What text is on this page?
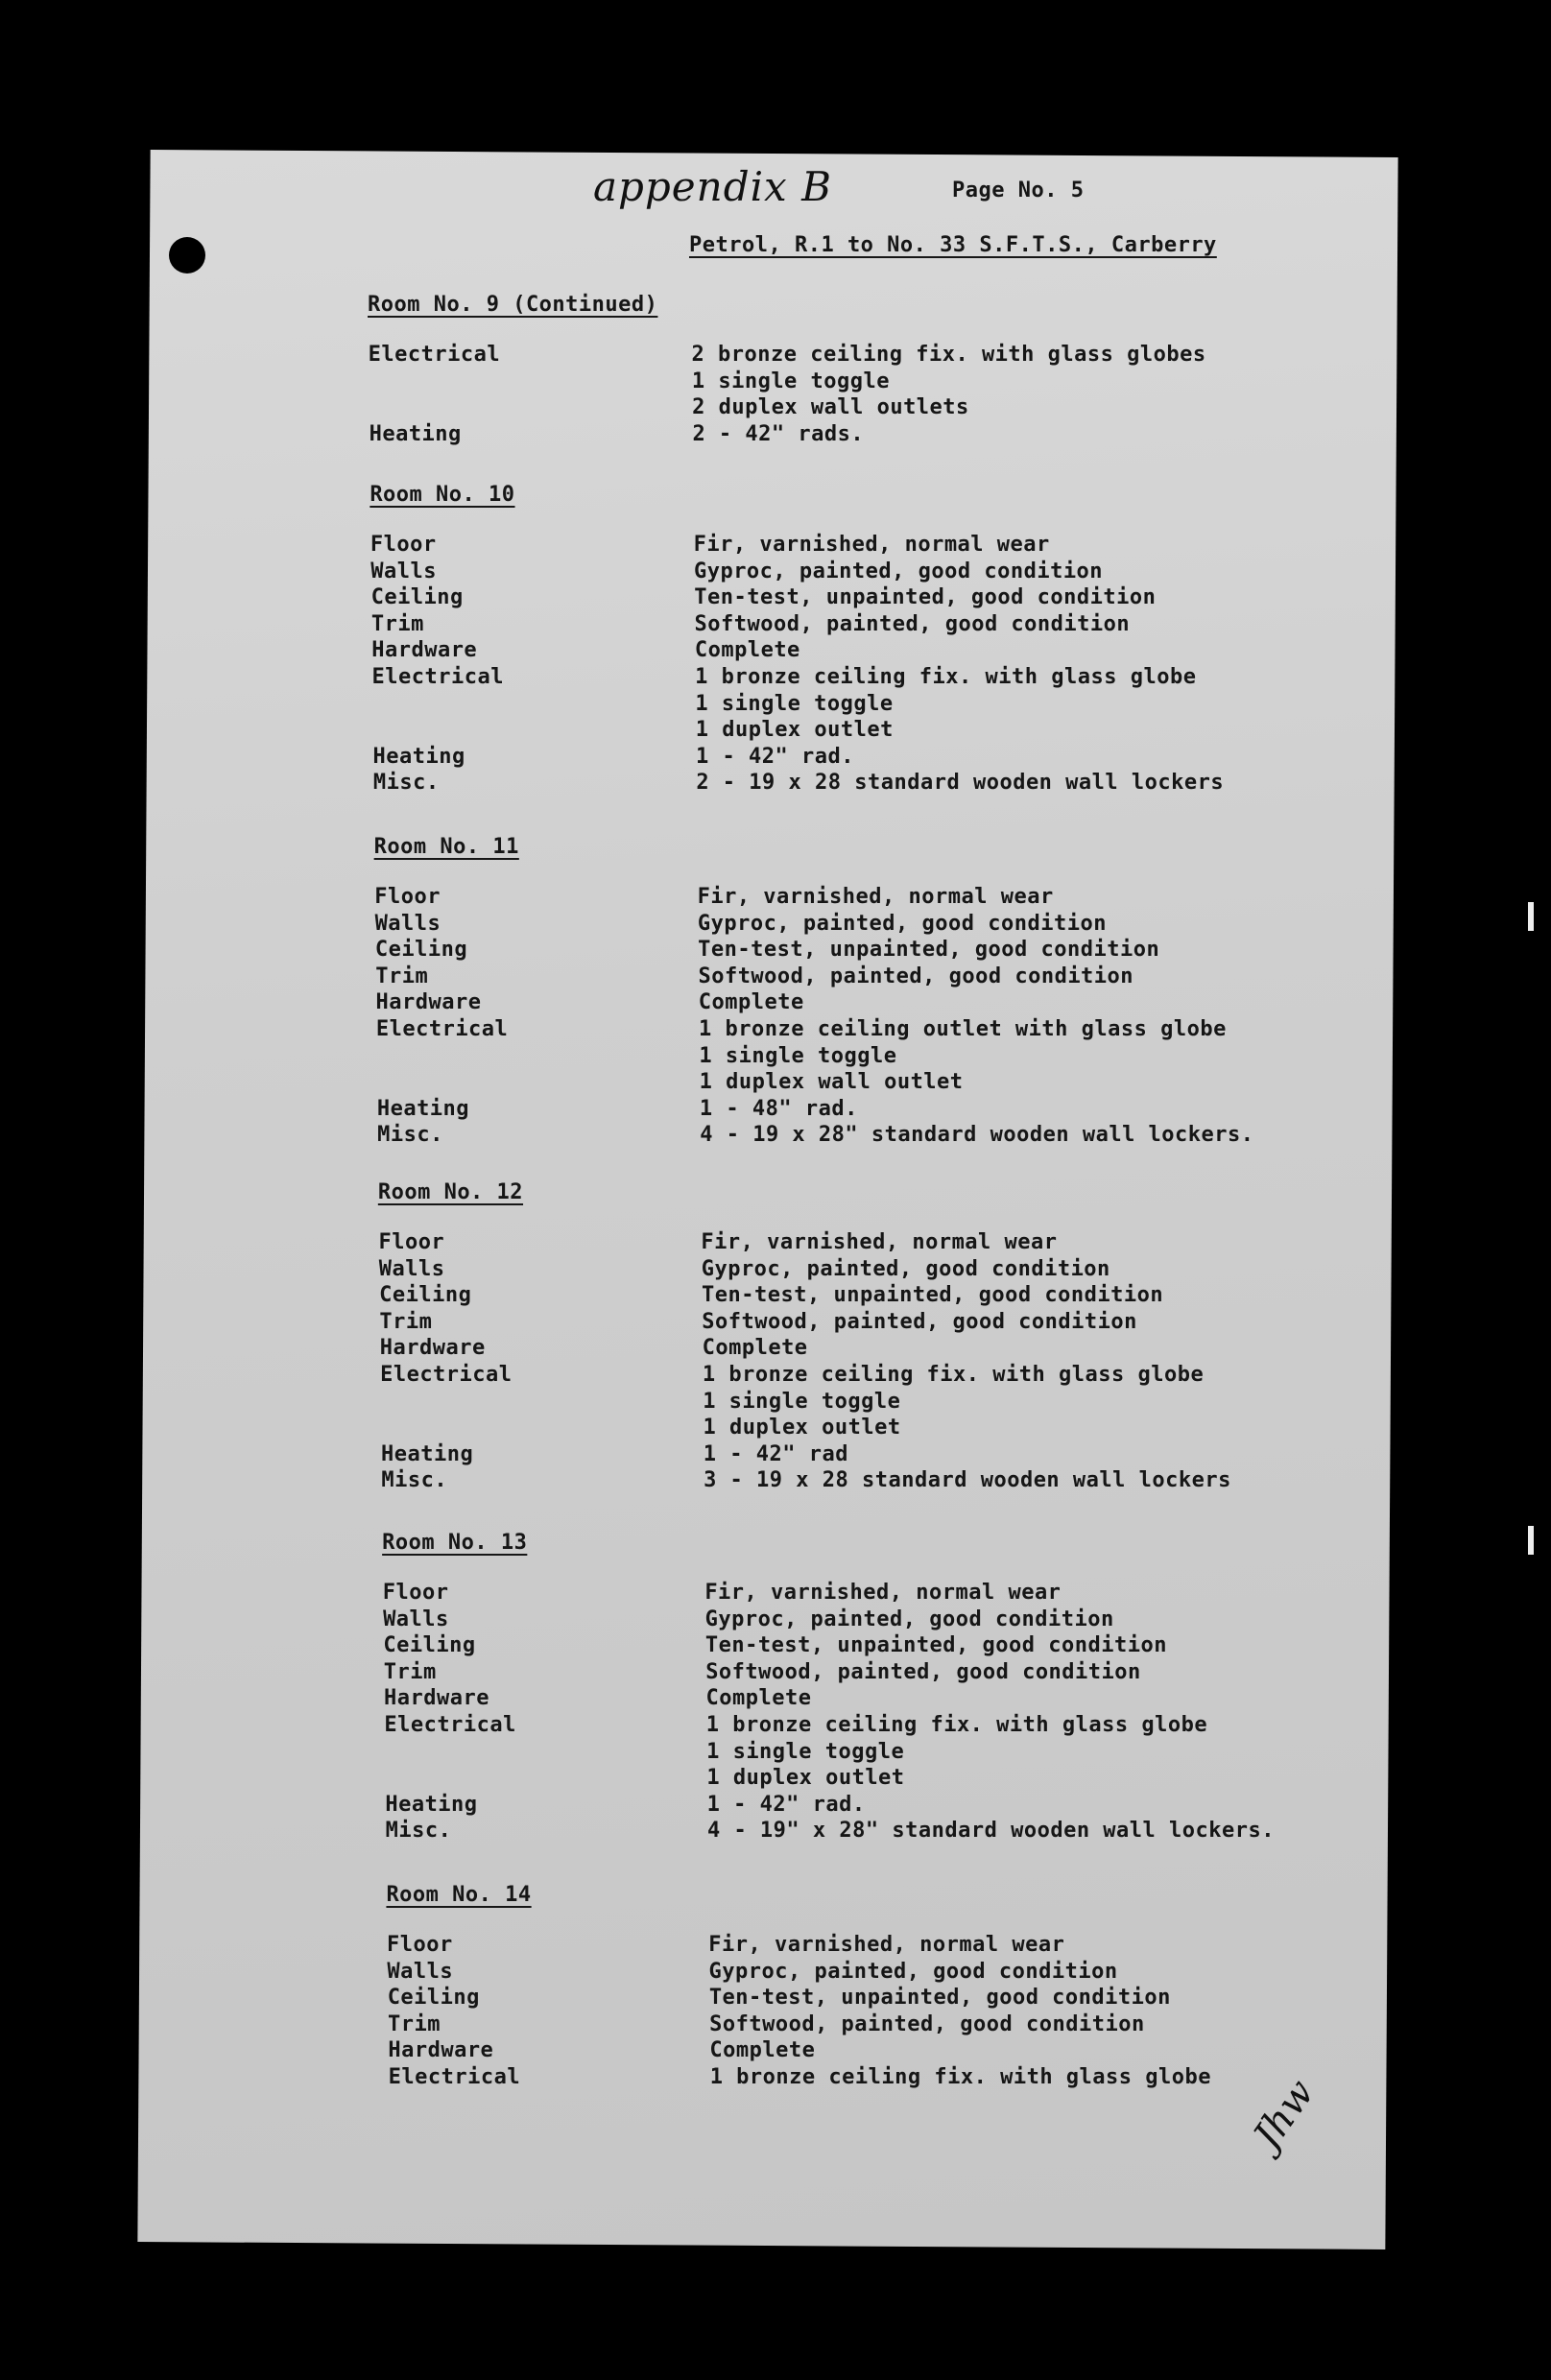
appendix B	Page No. 5
Petrol, R.1 to No. 33 S.F.T.S., Carberry
Jhw
Room No. 9 (Continued)
Electrical	2 bronze ceiling fix. with glass globes
1 single toggle
2 duplex wall outlets
Heating	2 - 42" rads.
Room No. 10
Floor	Fir, varnished, normal wear
Walls	Gyproc, painted, good condition
Ceiling	Ten-test, unpainted, good condition
Trim	Softwood, painted, good condition
Hardware	Complete
Electrical	1 bronze ceiling fix. with glass globe
1 single toggle
1 duplex outlet
Heating	1 - 42" rad.
Misc.	2 - 19 x 28 standard wooden wall lockers
Room No. 11
Floor	Fir, varnished, normal wear
Walls	Gyproc, painted, good condition
Ceiling	Ten-test, unpainted, good condition
Trim	Softwood, painted, good condition
Hardware	Complete
Electrical	1 bronze ceiling outlet with glass globe
1 single toggle
1 duplex wall outlet
Heating	1 - 48" rad.
Misc.	4 - 19 x 28" standard wooden wall lockers.
Room No. 12
Floor	Fir, varnished, normal wear
Walls	Gyproc, painted, good condition
Ceiling	Ten-test, unpainted, good condition
Trim	Softwood, painted, good condition
Hardware	Complete
Electrical	1 bronze ceiling fix. with glass globe
1 single toggle
1 duplex outlet
Heating	1 - 42" rad
Misc.	3 - 19 x 28 standard wooden wall lockers
Room No. 13
Floor	Fir, varnished, normal wear
Walls	Gyproc, painted, good condition
Ceiling	Ten-test, unpainted, good condition
Trim	Softwood, painted, good condition
Hardware	Complete
Electrical	1 bronze ceiling fix. with glass globe
1 single toggle
1 duplex outlet
Heating	1 - 42" rad.
Misc.	4 - 19" x 28" standard wooden wall lockers.
Room No. 14
Floor	Fir, varnished, normal wear
Walls	Gyproc, painted, good condition
Ceiling	Ten-test, unpainted, good condition
Trim	Softwood, painted, good condition
Hardware	Complete
Electrical	1 bronze ceiling fix. with glass globe
